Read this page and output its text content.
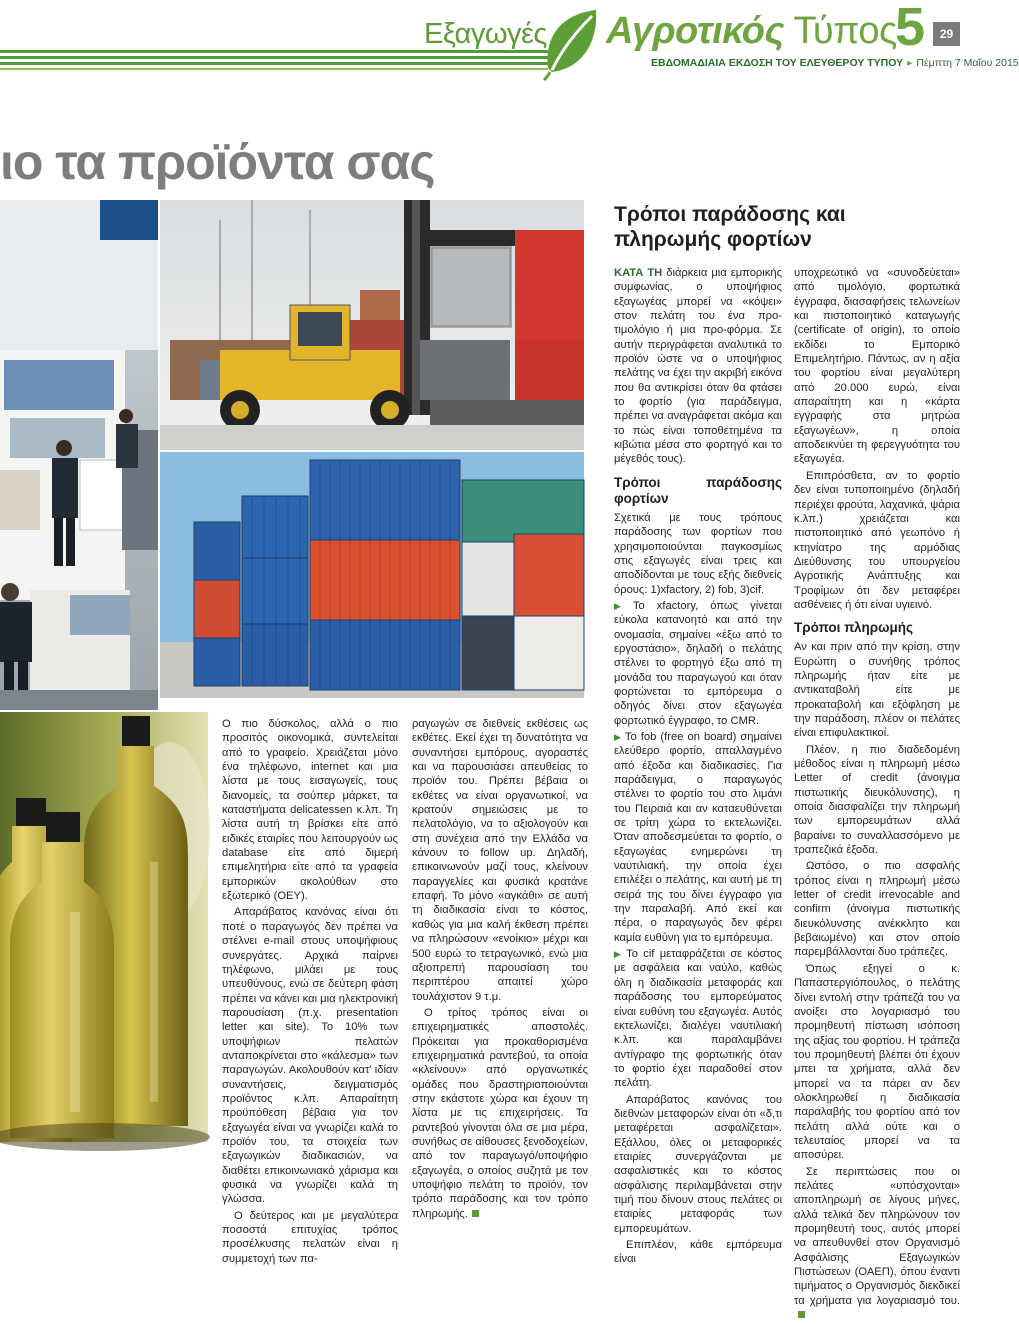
Εξαγωγές Αγροτικός Τύπος
5	29
ΕΒΔΟΜΑΔΙΑΙΑ ΕΚΔΟΣΗ ΤΟΥ ΕΛΕΥΘΕΡΟΥ ΤΥΠΟΥ ▸ Πέμπτη 7 Μαΐου 2015
ιο τα προϊόντα σας
Τρόποι παράδοσης και πληρωμής φορτίων

Ο πιο δύσκολος, αλλά ο πιο προσιτός οικονομικά, συντελείται από το γραφείο. Χρειάζεται μόνο ένα τηλέφωνο, internet και μια λίστα με τους εισαγωγείς, τους διανομείς, τα σούπερ μάρκετ, τα καταστήματα delicatessen κ.λπ. Τη λίστα αυτή τη βρίσκει είτε από ειδικές εταιρίες που λειτουργούν ως database είτε από διμερή επιμελητήρια είτε από τα γραφεία εμπορικών ακολούθων στο εξωτερικό (ΟΕΥ).

Απαράβατος κανόνας είναι ότι ποτέ ο παραγωγός δεν πρέπει να στέλνει e-mail στους υποψήφιους συνεργάτες. Αρχικά παίρνει τηλέφωνο, μιλάει με τους υπευθύνους, ενώ σε δεύτερη φάση πρέπει να κάνει και μια ηλεκτρονική παρουσίαση (π.χ. presentation letter και site). Το 10% των υποψήφιων πελατών ανταποκρίνεται στο «κάλεσμα» των παραγωγών. Ακολουθούν κατ’ ιδίαν συναντήσεις, δειγματισμός προϊόντος κ.λπ. Απαραίτητη προϋπόθεση βέβαια για τον εξαγωγέα είναι να γνωρίζει καλά το προϊόν του, τα στοιχεία των εξαγωγικών διαδικασιών, να διαθέτει επικοινωνιακό χάρισμα και φυσικά να γνωρίζει καλά τη γλώσσα.

Ο δεύτερος και με μεγαλύτερα ποσοστά επιτυχίας τρόπος προσέλκυσης πελατών είναι η συμμετοχή των πα-

ραγωγών σε διεθνείς εκθέσεις ως εκθέτες. Εκεί έχει τη δυνατότητα να συναντήσει εμπόρους, αγοραστές και να παρουσιάσει απευθείας το προϊόν του. Πρέπει βέβαια οι εκθέτες να είναι οργανωτικοί, να κρατούν σημειώσεις με το πελατολόγιο, να το αξιολογούν και στη συνέχεια από την Ελλάδα να κάνουν το follow up. Δηλαδή, επικοινωνούν μαζί τους, κλείνουν παραγγελίες και φυσικά κρατάνε επαφή. Το μόνο «αγκάθι» σε αυτή τη διαδικασία είναι το κόστος, καθώς για μια καλή έκθεση πρέπει να πληρώσουν «ενοίκιο» μέχρι και 500 ευρώ το τετραγωνικό, ενώ μια αξιοπρεπή παρουσίαση του περιπτέρου απαιτεί χώρο τουλάχιστον 9 τ.μ.

Ο τρίτος τρόπος είναι οι επιχειρηματικές αποστολές. Πρόκειται για προκαθορισμένα επιχειρηματικά ραντεβού, τα οποία «κλείνουν» από οργανωτικές ομάδες που δραστηριοποιούνται στην εκάστοτε χώρα και έχουν τη λίστα με τις επιχειρήσεις. Τα ραντεβού γίνονται όλα σε μια μέρα, συνήθως σε αίθουσες ξενοδοχείων, από τον παραγωγό/υποψήφιο εξαγωγέα, ο οποίος συζητά με τον υποψήφιο πελάτη το προϊόν, τον τρόπο παράδοσης και τον τρόπο πληρωμής.

ΚΑΤΑ ΤΗ διάρκεια μια εμπορικής συμφωνίας, ο υποψήφιος εξαγωγέας μπορεί να «κόψει» στον πελάτη του ένα προ-τιμολόγιο ή μια προ-φόρμα. Σε αυτήν περιγράφεται αναλυτικά το προϊόν ώστε να ο υποψήφιος πελάτης να έχει την ακριβή εικόνα που θα αντικρίσει όταν θα φτάσει το φορτίο (για παράδειγμα, πρέπει να αναγράφεται ακόμα και το πώς είναι τοποθετημένα τα κιβώτια μέσα στο φορτηγό και το μέγεθός τους).

Τρόποι παράδοσης φορτίων

Σχετικά με τους τρόπους παράδοσης των φορτίων που χρησιμοποιούνται παγκοσμίως στις εξαγωγές είναι τρεις και αποδίδονται με τους εξής διεθνείς όρους: 1)xfactory, 2) fob, 3)cif.

▶ Το xfactory, όπως γίνεται εύκολα κατανοητό και από την ονομασία, σημαίνει «έξω από το εργοστάσιο», δηλαδή ο πελάτης στέλνει το φορτηγό έξω από τη μονάδα του παραγωγού και όταν φορτώνεται το εμπόρευμα ο οδηγός δίνει στον εξαγωγέα φορτωτικό έγγραφο, το CMR.

▶ Το fob (free on board) σημαίνει ελεύθερο φορτίο, απαλλαγμένο από έξοδα και διαδικασίες. Για παράδειγμα, ο παραγωγός στέλνει το φορτίο του στο λιμάνι του Πειραιά και αν καταευθύνεται σε τρίτη χώρα το εκτελωνίζει. Όταν αποδεσμεύεται το φορτίο, ο εξαγωγέας ενημερώνει τη ναυτιλιακή, την οποία έχει επιλέξει ο πελάτης, και αυτή με τη σειρά της του δίνει έγγραφο για την παραλαβή. Από εκεί και πέρα, ο παραγωγός δεν φέρει καμία ευθύνη για το εμπόρευμα.

▶ Το cif μεταφράζεται σε κόστος με ασφάλεια και ναύλο, καθώς όλη η διαδικασία μεταφοράς και παράδοσης του εμπορεύματος είναι ευθύνη του εξαγωγέα. Αυτός εκτελωνίζει, διαλέγει ναυτιλιακή κ.λπ. και παραλαμβάνει αντίγραφο της φορτωτικής όταν το φορτίο έχει παραδοθεί στον πελάτη.

Απαράβατος κανόνας του διεθνών μεταφορών είναι ότι «δ,τι μεταφέρεται ασφαλίζεται». Εξάλλου, όλες οι μεταφορικές εταιρίες συνεργάζονται με ασφαλιστικές και το κόστος ασφάλισης περιλαμβάνεται στην τιμή που δίνουν στους πελάτες οι εταιρίες μεταφοράς των εμπορευμάτων.

Επιπλέον, κάθε εμπόρευμα είναι

υποχρεωτικό να «συνοδεύεται» από τιμολόγιο, φορτωτικά έγγραφα, διασαφήσεις τελωνείων και πιστοποιητικό καταγωγής (certificate of origin), το οποίο εκδίδει το Εμπορικό Επιμελητήριο. Πάντως, αν η αξία του φορτίου είναι μεγαλύτερη από 20.000 ευρώ, είναι απαραίτητη και η «κάρτα εγγραφής στα μητρώα εξαγωγέων», η οποία αποδεικνύει τη φερεγγυότητα του εξαγωγέα.

Επιπρόσθετα, αν το φορτίο δεν είναι τυποποιημένο (δηλαδή περιέχει φρούτα, λαχανικά, ψάρια κ.λπ.) χρειάζεται και πιστοποιητικό από γεωπόνο ή κτηνίατρο της αρμόδιας Διεύθυνσης του υπουργείου Αγροτικής Ανάπτυξης και Τροφίμων ότι δεν μεταφέρει ασθένειες ή ότι είναι υγιεινό.

Τρόποι πληρωμής

Αν και πριν από την κρίση, στην Ευρώπη ο συνήθης τρόπος πληρωμής ήταν είτε με αντικαταβολή είτε με προκαταβολή και εξόφληση με την παράδοση, πλέον οι πελάτες είναι επιφυλακτικοί.

Πλέον, η πιο διαδεδομένη μέθοδος είναι η πληρωμή μέσω Letter of credit (άνοιγμα πιστωτικής διευκόλυνσης), η οποία διασφαλίζει την πληρωμή των εμπορευμάτων αλλά βαραίνει το συναλλασσόμενο με τραπεζικά έξοδα.

Ωστόσο, ο πιο ασφαλής τρόπος είναι η πληρωμή μέσω letter of credit irrevocable and confirm (άνοιγμα πιστωτικής διευκόλυνσης ανέκκλητο και βεβαιωμένο) και στον οποίο παρεμβάλλονται δυο τράπεζες.

Όπως εξηγεί ο κ. Παπαστεργιόπουλος, ο πελάτης δίνει εντολή στην τράπεζά του να ανοίξει στο λογαριασμό του προμηθευτή πίστωση ισόποση της αξίας του φορτίου. Η τράπεζα του προμηθευτή βλέπει ότι έχουν μπει τα χρήματα, αλλά δεν μπορεί να τα πάρει αν δεν ολοκληρωθεί η διαδικασία παραλαβής του φορτίου από τον πελάτη αλλά ούτε και ο τελευταίος μπορεί να τα αποσύρει.

Σε περιπτώσεις που οι πελάτες «υπόσχονται» αποπληρωμή σε λίγους μήνες, αλλά τελικά δεν πληρώνουν τον προμηθευτή τους, αυτός μπορεί να απευθυνθεί στον Οργανισμό Ασφάλισης Εξαγωγικών Πιστώσεων (ΟΑΕΠ), όπου έναντι τιμήματος ο Οργανισμός διεκδικεί τα χρήματα για λογαριασμό του.
